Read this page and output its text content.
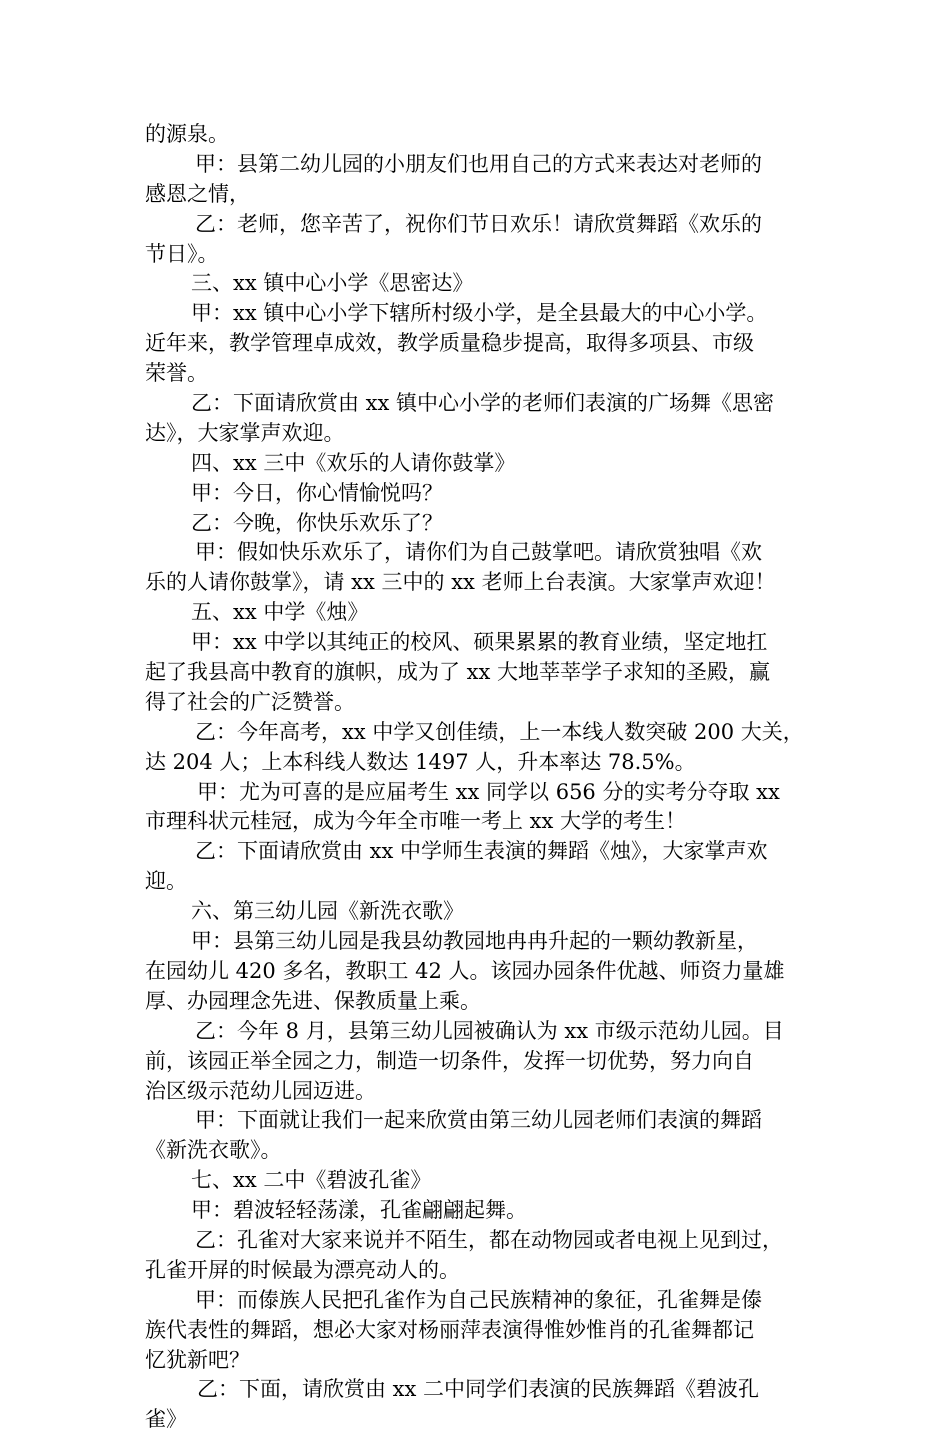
的源泉。
甲：县第二幼儿园的小朋友们也用自己的方式来表达对老师的
感恩之情，
乙：老师，您辛苦了，祝你们节日欢乐！请欣赏舞蹈《欢乐的
节日》。
三、xx 镇中心小学《思密达》
甲：xx 镇中心小学下辖所村级小学，是全县最大的中心小学。
近年来，教学管理卓成效，教学质量稳步提高，取得多项县、市级
荣誉。
乙：下面请欣赏由 xx 镇中心小学的老师们表演的广场舞《思密
达》，大家掌声欢迎。
四、xx 三中《欢乐的人请你鼓掌》
甲：今日，你心情愉悦吗？
乙：今晚，你快乐欢乐了？
甲：假如快乐欢乐了，请你们为自己鼓掌吧。请欣赏独唱《欢
乐的人请你鼓掌》，请 xx 三中的 xx 老师上台表演。大家掌声欢迎！
五、xx 中学《烛》
甲：xx 中学以其纯正的校风、硕果累累的教育业绩，坚定地扛
起了我县高中教育的旗帜，成为了 xx 大地莘莘学子求知的圣殿，赢
得了社会的广泛赞誉。
乙：今年高考，xx 中学又创佳绩，上一本线人数突破 200 大关，
达 204 人；上本科线人数达 1497 人，升本率达 78.5%。
甲：尤为可喜的是应届考生 xx 同学以 656 分的实考分夺取 xx
市理科状元桂冠，成为今年全市唯一考上 xx 大学的考生！
乙：下面请欣赏由 xx 中学师生表演的舞蹈《烛》，大家掌声欢
迎。
六、第三幼儿园《新洗衣歌》
甲：县第三幼儿园是我县幼教园地冉冉升起的一颗幼教新星，
在园幼儿 420 多名，教职工 42 人。该园办园条件优越、师资力量雄
厚、办园理念先进、保教质量上乘。
乙：今年 8 月，县第三幼儿园被确认为 xx 市级示范幼儿园。目
前，该园正举全园之力，制造一切条件，发挥一切优势，努力向自
治区级示范幼儿园迈进。
甲：下面就让我们一起来欣赏由第三幼儿园老师们表演的舞蹈
《新洗衣歌》。
七、xx 二中《碧波孔雀》
甲：碧波轻轻荡漾，孔雀翩翩起舞。
乙：孔雀对大家来说并不陌生，都在动物园或者电视上见到过，
孔雀开屏的时候最为漂亮动人的。
甲：而傣族人民把孔雀作为自己民族精神的象征，孔雀舞是傣
族代表性的舞蹈，想必大家对杨丽萍表演得惟妙惟肖的孔雀舞都记
忆犹新吧？
乙：下面，请欣赏由 xx 二中同学们表演的民族舞蹈《碧波孔
雀》
